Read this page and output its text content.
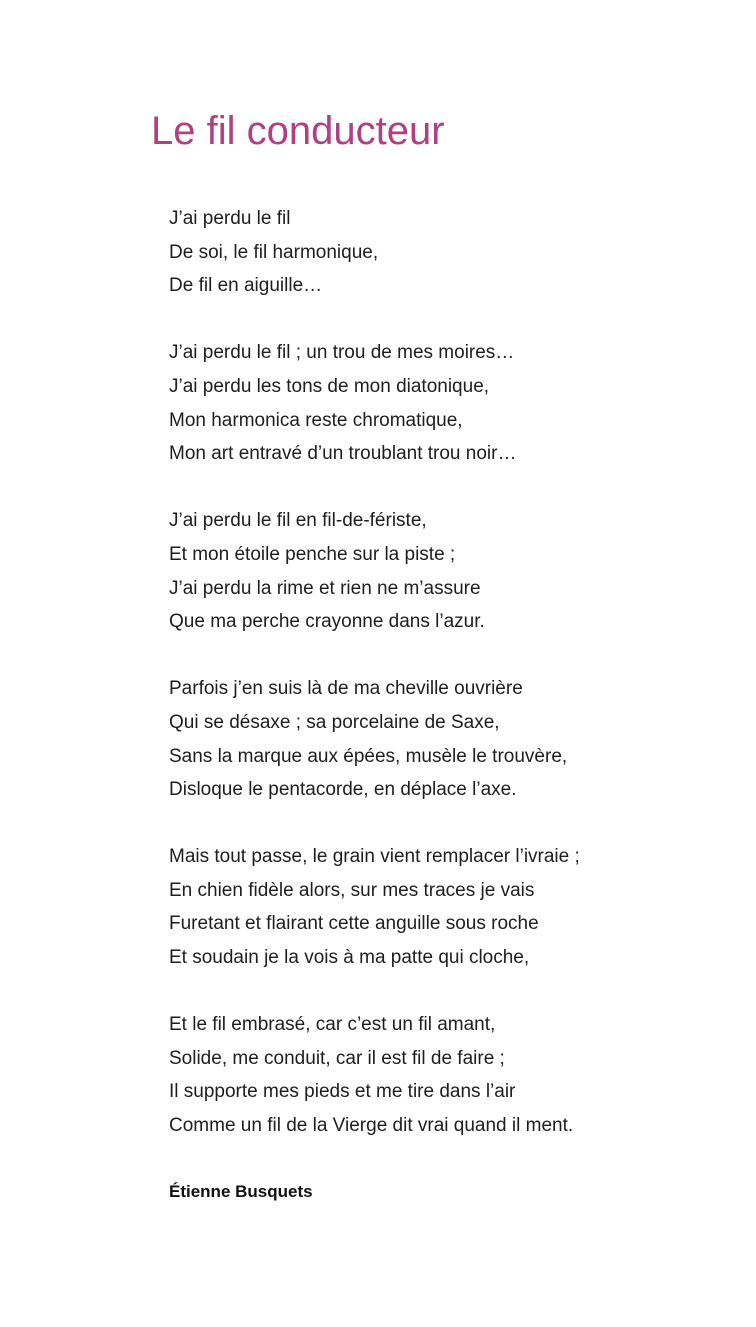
Le fil conducteur
J’ai perdu le fil
De soi, le fil harmonique,
De fil en aiguille…
J’ai perdu le fil ; un trou de mes moires…
J’ai perdu les tons de mon diatonique,
Mon harmonica reste chromatique,
Mon art entravé d’un troublant trou noir…
J’ai perdu le fil en fil-de-fériste,
Et mon étoile penche sur la piste ;
J’ai perdu la rime et rien ne m’assure
Que ma perche crayonne dans l’azur.
Parfois j’en suis là de ma cheville ouvrière
Qui se désaxe ; sa porcelaine de Saxe,
Sans la marque aux épées, musèle le trouvère,
Disloque le pentacorde, en déplace l’axe.
Mais tout passe, le grain vient remplacer l’ivraie ;
En chien fidèle alors, sur mes traces je vais
Furetant et flairant cette anguille sous roche
Et soudain je la vois à ma patte qui cloche,
Et le fil embrasé, car c’est un fil amant,
Solide, me conduit, car il est fil de faire ;
Il supporte mes pieds et me tire dans l’air
Comme un fil de la Vierge dit vrai quand il ment.

Étienne Busquets
